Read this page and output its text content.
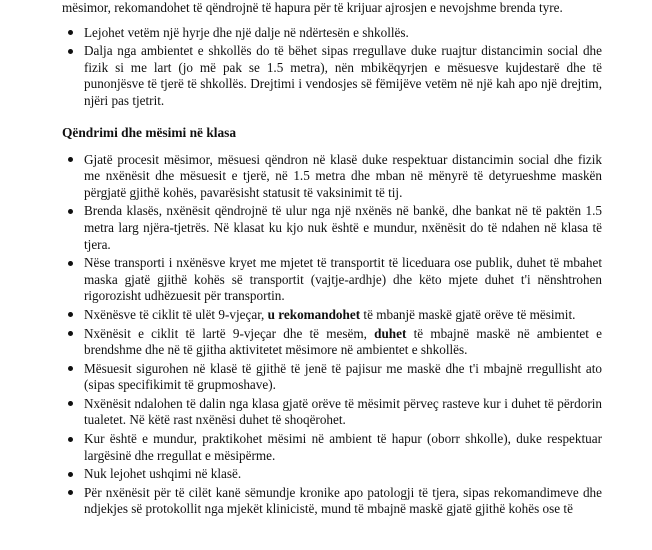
mësimor, rekomandohet të qëndrojnë të hapura për të krijuar ajrosjen e nevojshme brenda tyre.

Lejohet vetëm një hyrje dhe një dalje në ndërtesën e shkollës.
Dalja nga ambientet e shkollës do të bëhet sipas rregullave duke ruajtur distancimin social dhe fizik si me lart (jo më pak se 1.5 metra), nën mbikëqyrjen e mësuesve kujdestarë dhe të punonjësve të tjerë të shkollës. Drejtimi i vendosjes së fëmijëve vetëm në një kah apo një drejtim, njëri pas tjetrit.
Qëndrimi dhe mësimi në klasa
Gjatë procesit mësimor, mësuesi qëndron në klasë duke respektuar distancimin social dhe fizik me nxënësit dhe mësuesit e tjerë, në 1.5 metra dhe mban në mënyrë të detyrueshme maskën përgjatë gjithë kohës, pavarësisht statusit të vaksinimit të tij.
Brenda klasës, nxënësit qëndrojnë të ulur nga një nxënës në bankë, dhe bankat në të paktën 1.5 metra larg njëra-tjetrës. Në klasat ku kjo nuk është e mundur, nxënësit do të ndahen në klasa të tjera.
Nëse transporti i nxënësve kryet me mjetet të transportit të liceduara ose publik, duhet të mbahet maska gjatë gjithë kohës së transportit (vajtje-ardhje) dhe këto mjete duhet t'i nënshtrohen rigorozisht udhëzuesit për transportin.
Nxënësve të ciklit të ulët 9-vjeçar, u rekomandohet të mbanjë maskë gjatë orëve të mësimit.
Nxënësit e ciklit të lartë 9-vjeçar dhe të mesëm, duhet të mbajnë maskë në ambientet e brendshme dhe në të gjitha aktivitetet mësimore në ambientet e shkollës.
Mësuesit sigurohen në klasë të gjithë të jenë të pajisur me maskë dhe t'i mbajnë rregullisht ato (sipas specifikimit të grupmoshave).
Nxënësit ndalohen të dalin nga klasa gjatë orëve të mësimit përveç rasteve kur i duhet të përdorin tualetet. Në këtë rast nxënësi duhet të shoqërohet.
Kur është e mundur, praktikohet mësimi në ambient të hapur (oborr shkolle), duke respektuar largësinë dhe rregullat e mësipërme.
Nuk lejohet ushqimi në klasë.
Për nxënësit për të cilët kanë sëmundje kronike apo patologji të tjera, sipas rekomandimeve dhe ndjekjes së protokollit nga mjekët klinicistë, mund të mbajnë maskë gjatë gjithë kohës ose të
